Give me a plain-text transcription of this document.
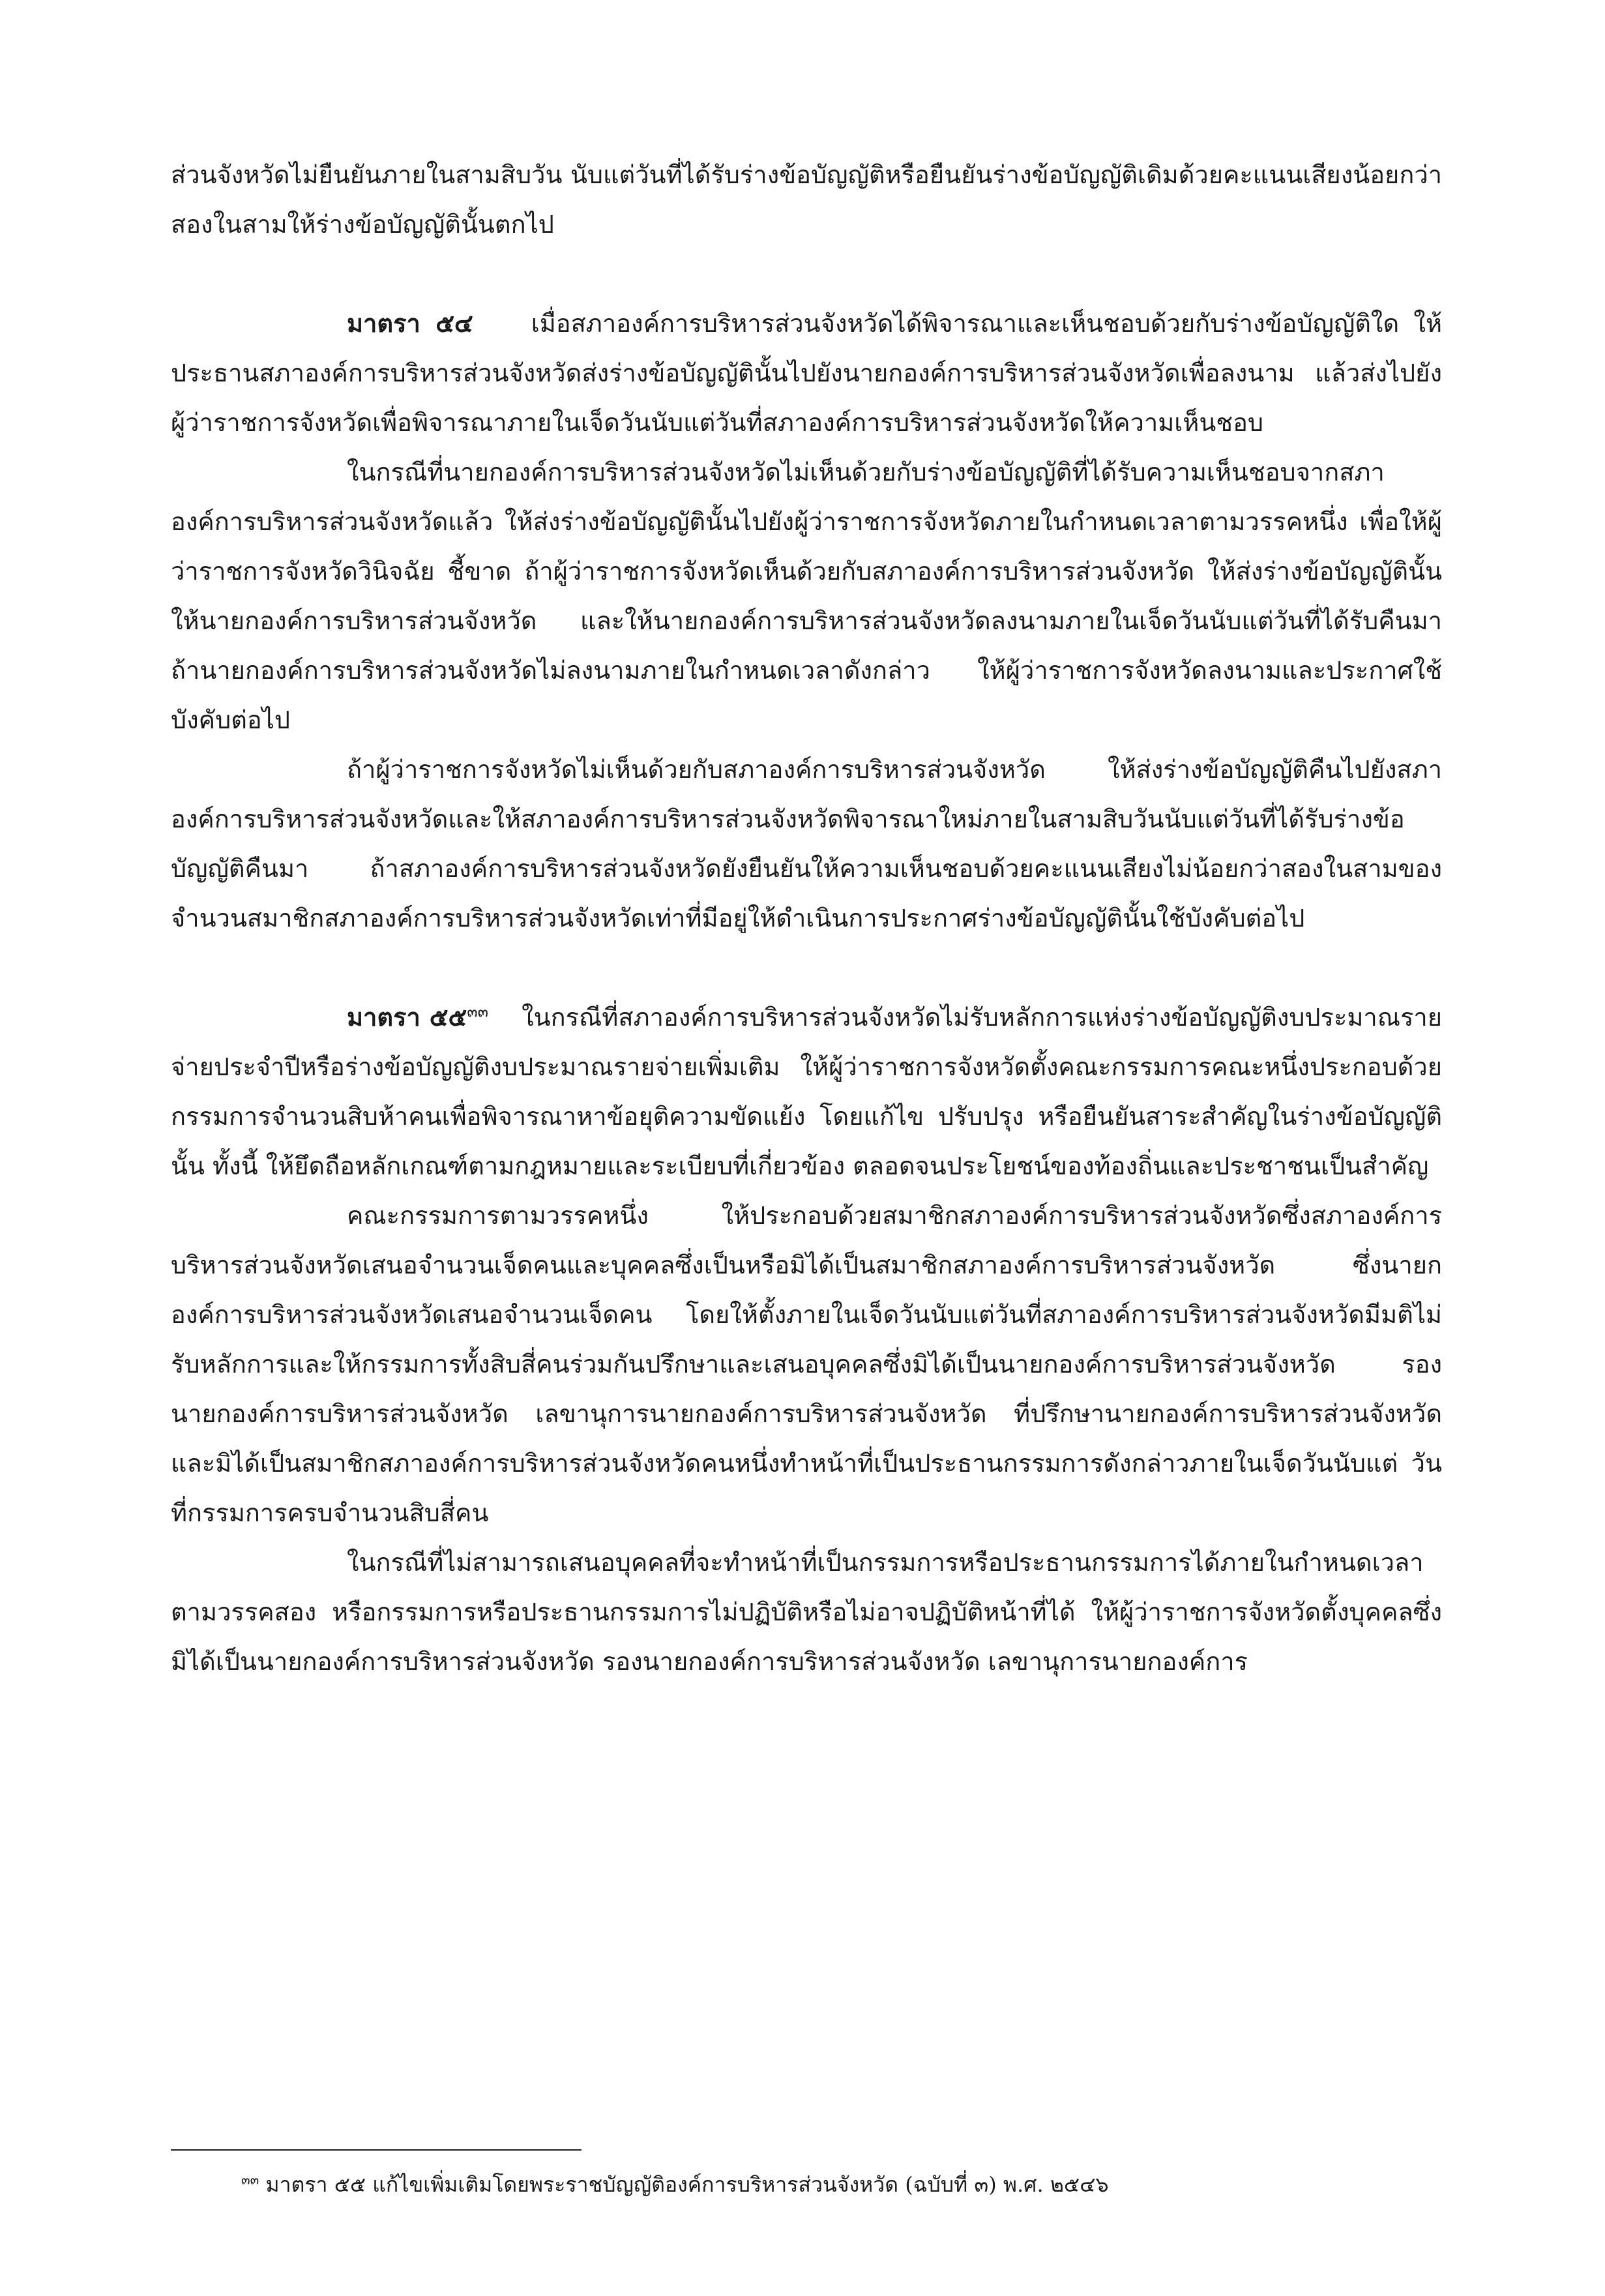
ส่วนจังหวัดไม่ยืนยันภายในสามสิบวัน นับแต่วันที่ได้รับร่างข้อบัญญัติหรือยืนยันร่างข้อบัญญัติเดิมด้วยคะแนนเสียงน้อยกว่าสองในสามให้ร่างข้อบัญญัตินั้นตกไป

มาตรา ๕๔ เมื่อสภาองค์การบริหารส่วนจังหวัดได้พิจารณาและเห็นชอบด้วยกับร่างข้อบัญญัติใด ให้ประธานสภาองค์การบริหารส่วนจังหวัดส่งร่างข้อบัญญัตินั้นไปยังนายกองค์การบริหารส่วนจังหวัดเพื่อลงนาม แล้วส่งไปยังผู้ว่าราชการจังหวัดเพื่อพิจารณาภายในเจ็ดวันนับแต่วันที่สภาองค์การบริหารส่วนจังหวัดให้ความเห็นชอบ

ในกรณีที่นายกองค์การบริหารส่วนจังหวัดไม่เห็นด้วยกับร่างข้อบัญญัติที่ได้รับความเห็นชอบจากสภาองค์การบริหารส่วนจังหวัดแล้ว ให้ส่งร่างข้อบัญญัตินั้นไปยังผู้ว่าราชการจังหวัดภายในกำหนดเวลาตามวรรคหนึ่ง เพื่อให้ผู้ว่าราชการจังหวัดวินิจฉัย ชี้ขาด ถ้าผู้ว่าราชการจังหวัดเห็นด้วยกับสภาองค์การบริหารส่วนจังหวัด ให้ส่งร่างข้อบัญญัตินั้นให้นายกองค์การบริหารส่วนจังหวัด และให้นายกองค์การบริหารส่วนจังหวัดลงนามภายในเจ็ดวันนับแต่วันที่ได้รับคืนมา ถ้านายกองค์การบริหารส่วนจังหวัดไม่ลงนามภายในกำหนดเวลาดังกล่าว ให้ผู้ว่าราชการจังหวัดลงนามและประกาศใช้บังคับต่อไป

ถ้าผู้ว่าราชการจังหวัดไม่เห็นด้วยกับสภาองค์การบริหารส่วนจังหวัด ให้ส่งร่างข้อบัญญัติคืนไปยังสภาองค์การบริหารส่วนจังหวัดและให้สภาองค์การบริหารส่วนจังหวัดพิจารณาใหม่ภายในสามสิบวันนับแต่วันที่ได้รับร่างข้อบัญญัติคืนมา ถ้าสภาองค์การบริหารส่วนจังหวัดยังยืนยันให้ความเห็นชอบด้วยคะแนนเสียงไม่น้อยกว่าสองในสามของจำนวนสมาชิกสภาองค์การบริหารส่วนจังหวัดเท่าที่มีอยู่ให้ดำเนินการประกาศร่างข้อบัญญัตินั้นใช้บังคับต่อไป

มาตรา ๕๕$^{๓๓}$ ในกรณีที่สภาองค์การบริหารส่วนจังหวัดไม่รับหลักการแห่งร่างข้อบัญญัติงบประมาณรายจ่ายประจำปีหรือร่างข้อบัญญัติงบประมาณรายจ่ายเพิ่มเติม ให้ผู้ว่าราชการจังหวัดตั้งคณะกรรมการคณะหนึ่งประกอบด้วยกรรมการจำนวนสิบห้าคนเพื่อพิจารณาหาข้อยุติความขัดแย้ง โดยแก้ไข ปรับปรุง หรือยืนยันสาระสำคัญในร่างข้อบัญญัตินั้น ทั้งนี้ ให้ยึดถือหลักเกณฑ์ตามกฎหมายและระเบียบที่เกี่ยวข้อง ตลอดจนประโยชน์ของท้องถิ่นและประชาชนเป็นสำคัญ

คณะกรรมการตามวรรคหนึ่ง ให้ประกอบด้วยสมาชิกสภาองค์การบริหารส่วนจังหวัดซึ่งสภาองค์การบริหารส่วนจังหวัดเสนอจำนวนเจ็ดคนและบุคคลซึ่งเป็นหรือมิได้เป็นสมาชิกสภาองค์การบริหารส่วนจังหวัด ซึ่งนายกองค์การบริหารส่วนจังหวัดเสนอจำนวนเจ็ดคน โดยให้ตั้งภายในเจ็ดวันนับแต่วันที่สภาองค์การบริหารส่วนจังหวัดมีมติไม่รับหลักการและให้กรรมการทั้งสิบสี่คนร่วมกันปรึกษาและเสนอบุคคลซึ่งมิได้เป็นนายกองค์การบริหารส่วนจังหวัด รองนายกองค์การบริหารส่วนจังหวัด เลขานุการนายกองค์การบริหารส่วนจังหวัด ที่ปรึกษานายกองค์การบริหารส่วนจังหวัดและมิได้เป็นสมาชิกสภาองค์การบริหารส่วนจังหวัดคนหนึ่งทำหน้าที่เป็นประธานกรรมการดังกล่าวภายในเจ็ดวันนับแต่ วันที่กรรมการครบจำนวนสิบสี่คน

ในกรณีที่ไม่สามารถเสนอบุคคลที่จะทำหน้าที่เป็นกรรมการหรือประธานกรรมการได้ภายในกำหนดเวลาตามวรรคสอง หรือกรรมการหรือประธานกรรมการไม่ปฏิบัติหรือไม่อาจปฏิบัติหน้าที่ได้ ให้ผู้ว่าราชการจังหวัดตั้งบุคคลซึ่งมิได้เป็นนายกองค์การบริหารส่วนจังหวัด รองนายกองค์การบริหารส่วนจังหวัด เลขานุการนายกองค์การ

$^{๓๓}$ มาตรา ๕๕ แก้ไขเพิ่มเติมโดยพระราชบัญญัติองค์การบริหารส่วนจังหวัด (ฉบับที่ ๓) พ.ศ. ๒๕๔๖
